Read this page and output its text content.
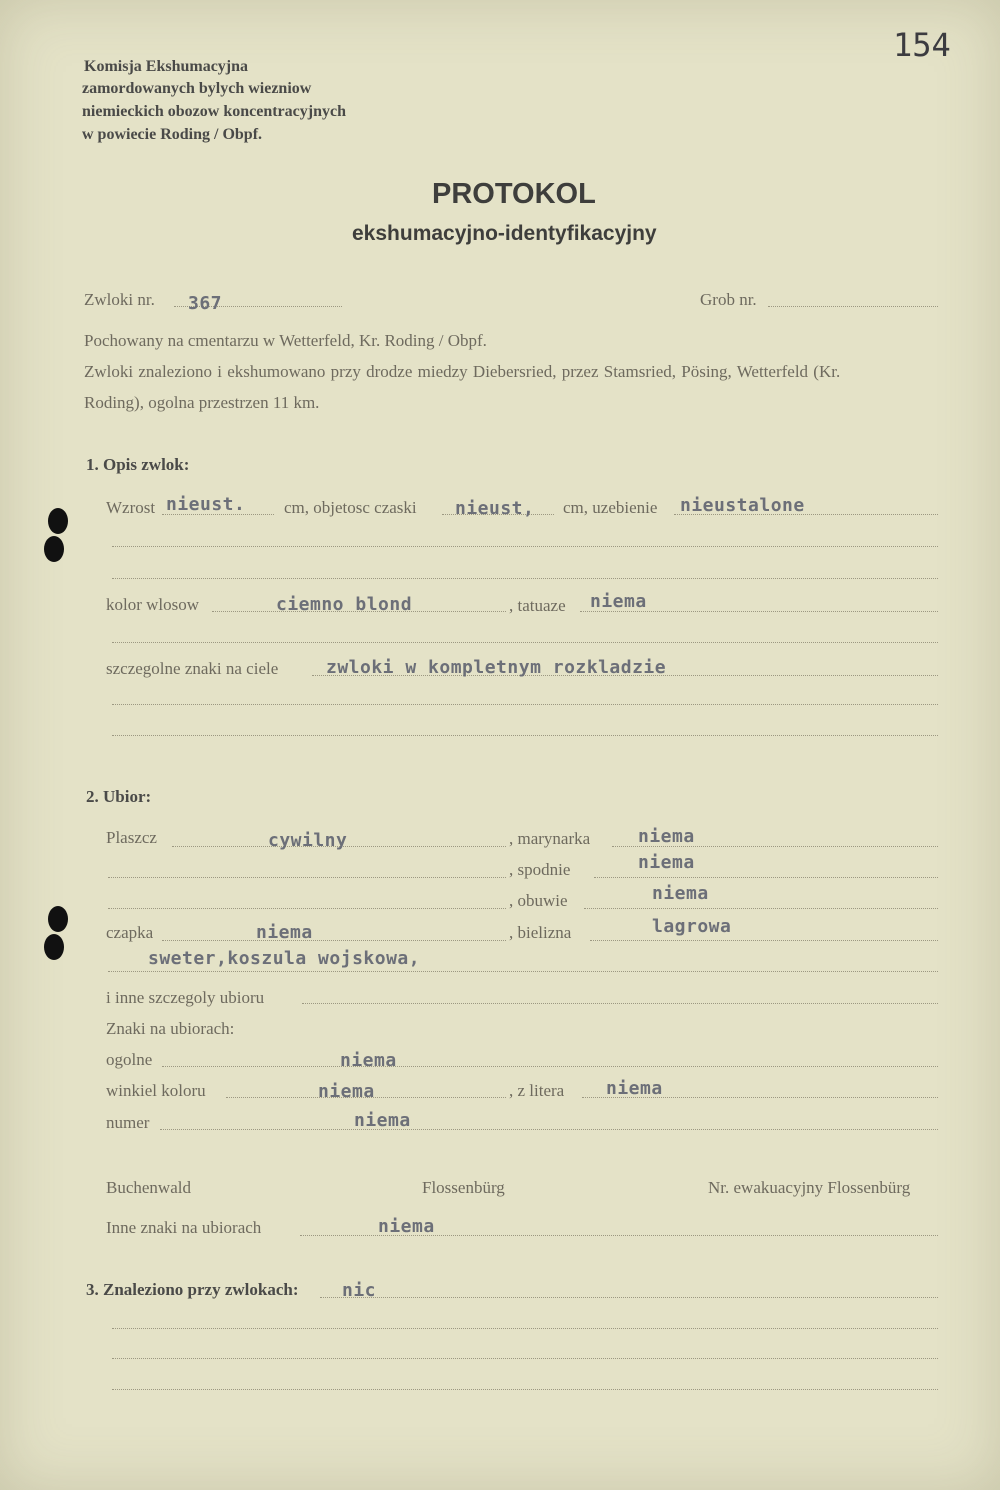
154
Komisja Ekshumacyjna
zamordowanych bylych wiezniow
niemieckich obozow koncentracyjnych
w powiecie Roding / Obpf.
PROTOKOL
ekshumacyjno-identyfikacyjny
Zwloki nr. 367	Grob nr.
Pochowany na cmentarzu w Wetterfeld, Kr. Roding / Obpf.
Zwloki znaleziono i ekshumowano przy drodze miedzy Diebersried, przez Stamsried, Pösing, Wetterfeld (Kr.
Roding), ogolna przestrzen 11 km.
1. Opis zwlok:
Wzrost nieust. cm, objetosc czaski nieust, cm, uzebienie nieustalone
kolor wlosow	ciemno blond	, tatuaze niema
szczegolne znaki na ciele	zwloki w kompletnym rozkladzie
2. Ubior:
Plaszcz	cywilny	, marynarka	niema
, spodnie	niema
, obuwie	niema
czapka	niema	, bielizna	lagrowa
sweter,koszula wojskowa,
i inne szczegoly ubioru
Znaki na ubiorach:
ogolne	niema
winkiel koloru	niema	, z litera niema
numer	niema
Buchenwald	Flossenbürg	Nr. ewakuacyjny Flossenbürg
Inne znaki na ubiorach	niema
3. Znaleziono przy zwlokach: nic
